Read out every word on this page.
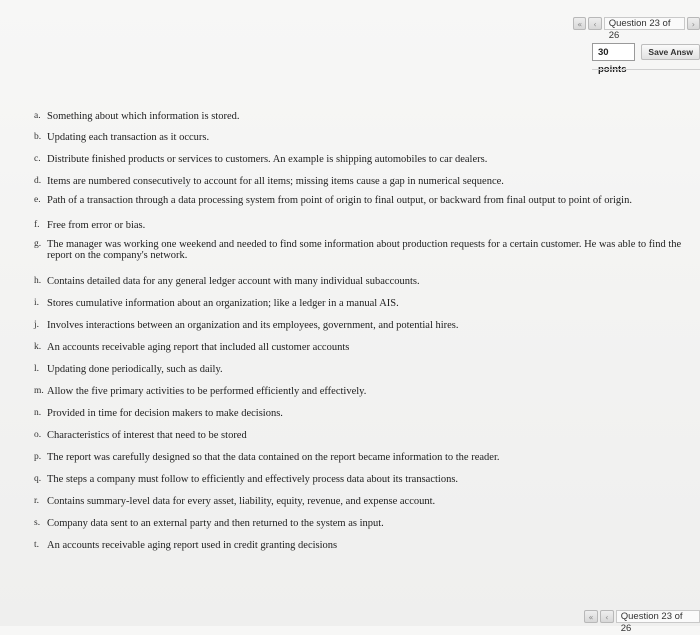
«	‹	Question 23 of 26
›
30	Save Answ
a. Something about which information is stored.
b. Updating each transaction as it occurs.
c. Distribute finished products or services to customers. An example is shipping automobiles to car dealers.
d. Items are numbered consecutively to account for all items; missing items cause a gap in numerical sequence.
e. Path of a transaction through a data processing system from point of origin to final output, or backward from final output to point of origin.
f. Free from error or bias.
g. The manager was working one weekend and needed to find some information about production requests for a certain customer. He was able to find the report on the company's network.
h. Contains detailed data for any general ledger account with many individual subaccounts.
i. Stores cumulative information about an organization; like a ledger in a manual AIS.
j. Involves interactions between an organization and its employees, government, and potential hires.
k. An accounts receivable aging report that included all customer accounts
l. Updating done periodically, such as daily.
m. Allow the five primary activities to be performed efficiently and effectively.
n. Provided in time for decision makers to make decisions.
o. Characteristics of interest that need to be stored
p. The report was carefully designed so that the data contained on the report became information to the reader.
q. The steps a company must follow to efficiently and effectively process data about its transactions.
r. Contains summary-level data for every asset, liability, equity, revenue, and expense account.
s. Company data sent to an external party and then returned to the system as input.
t. An accounts receivable aging report used in credit granting decisions
«	‹	Question 23 of 26
